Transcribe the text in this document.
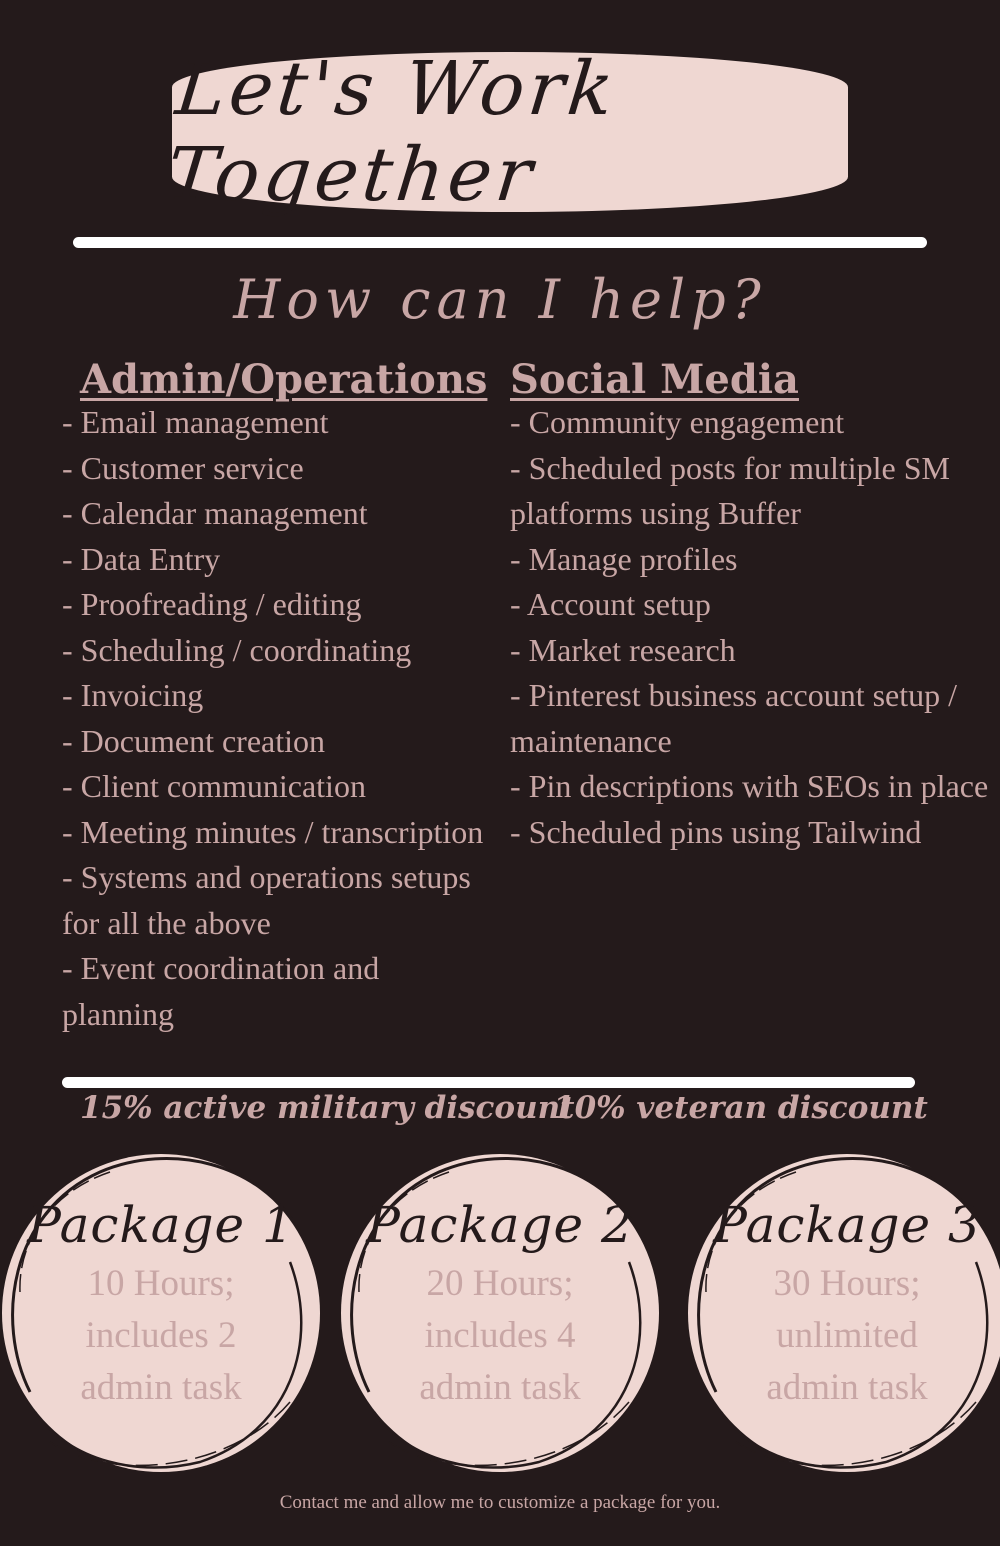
Let's Work Together
How can I help?
Admin/Operations Social Media
- Email management
- Customer service
- Calendar management
- Data Entry
- Proofreading / editing
- Scheduling / coordinating
- Invoicing
- Document creation
- Client communication
- Meeting minutes / transcription
- Systems and operations setups for all the above
- Event coordination and planning
- Community engagement
- Scheduled posts for multiple SM platforms using Buffer
- Manage profiles
- Account setup
- Market research
- Pinterest business account setup / maintenance
- Pin descriptions with SEOs in place
- Scheduled pins using Tailwind
15% active military discount
10% veteran discount
Package 1
10 Hours;
includes 2
admin task
Package 2
20 Hours;
includes 4
admin task
Package 3
30 Hours;
unlimited
admin task
Contact me and allow me to customize a package for you.
